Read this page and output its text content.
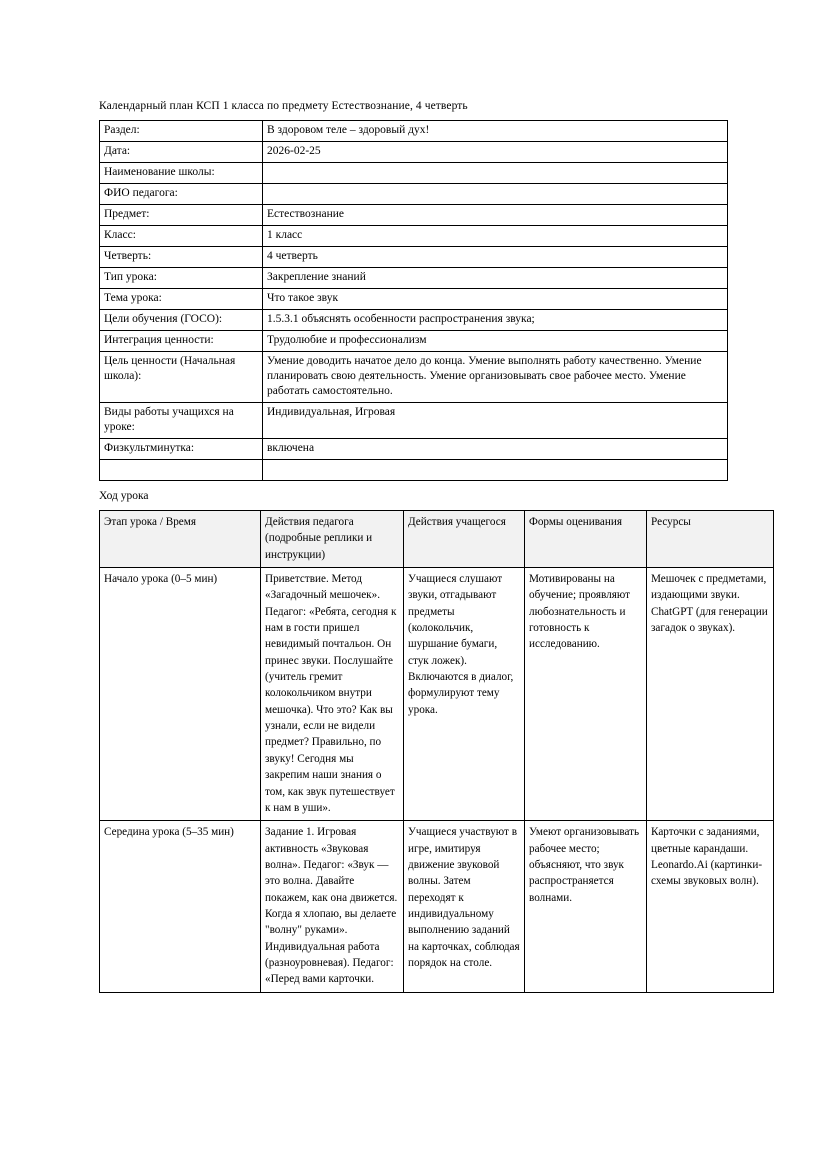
Календарный план КСП 1 класса по предмету Естествознание, 4 четверть

Раздел:	В здоровом теле – здоровый дух!
Дата:	2026-02-25
Наименование школы:	
ФИО педагога:	
Предмет:	Естествознание
Класс:	1 класс
Четверть:	4 четверть
Тип урока:	Закрепление знаний
Тема урока:	Что такое звук
Цели обучения (ГОСО):	1.5.3.1 объяснять особенности распространения звука;
Интеграция ценности:	Трудолюбие и профессионализм
Цель ценности (Начальная школа):	Умение доводить начатое дело до конца. Умение выполнять работу качественно. Умение планировать свою деятельность. Умение организовывать свое рабочее место. Умение работать самостоятельно.
Виды работы учащихся на уроке:	Индивидуальная, Игровая
Физкультминутка:	включена

Ход урока

Этап урока / Время	Действия педагога (подробные реплики и инструкции)	Действия учащегося	Формы оценивания	Ресурсы
Начало урока (0–5 мин)	Приветствие. Метод «Загадочный мешочек». Педагог: «Ребята, сегодня к нам в гости пришел невидимый почтальон. Он принес звуки. Послушайте (учитель гремит колокольчиком внутри мешочка). Что это? Как вы узнали, если не видели предмет? Правильно, по звуку! Сегодня мы закрепим наши знания о том, как звук путешествует к нам в уши».	Учащиеся слушают звуки, отгадывают предметы (колокольчик, шуршание бумаги, стук ложек). Включаются в диалог, формулируют тему урока.	Мотивированы на обучение; проявляют любознательность и готовность к исследованию.	Мешочек с предметами, издающими звуки. ChatGPT (для генерации загадок о звуках).
Середина урока (5–35 мин)	Задание 1. Игровая активность «Звуковая волна». Педагог: «Звук — это волна. Давайте покажем, как она движется. Когда я хлопаю, вы делаете "волну" руками». Индивидуальная работа (разноуровневая). Педагог: «Перед вами карточки.	Учащиеся участвуют в игре, имитируя движение звуковой волны. Затем переходят к индивидуальному выполнению заданий на карточках, соблюдая порядок на столе.	Умеют организовывать рабочее место; объясняют, что звук распространяется волнами.	Карточки с заданиями, цветные карандаши. Leonardo.Ai (картинки-схемы звуковых волн).
